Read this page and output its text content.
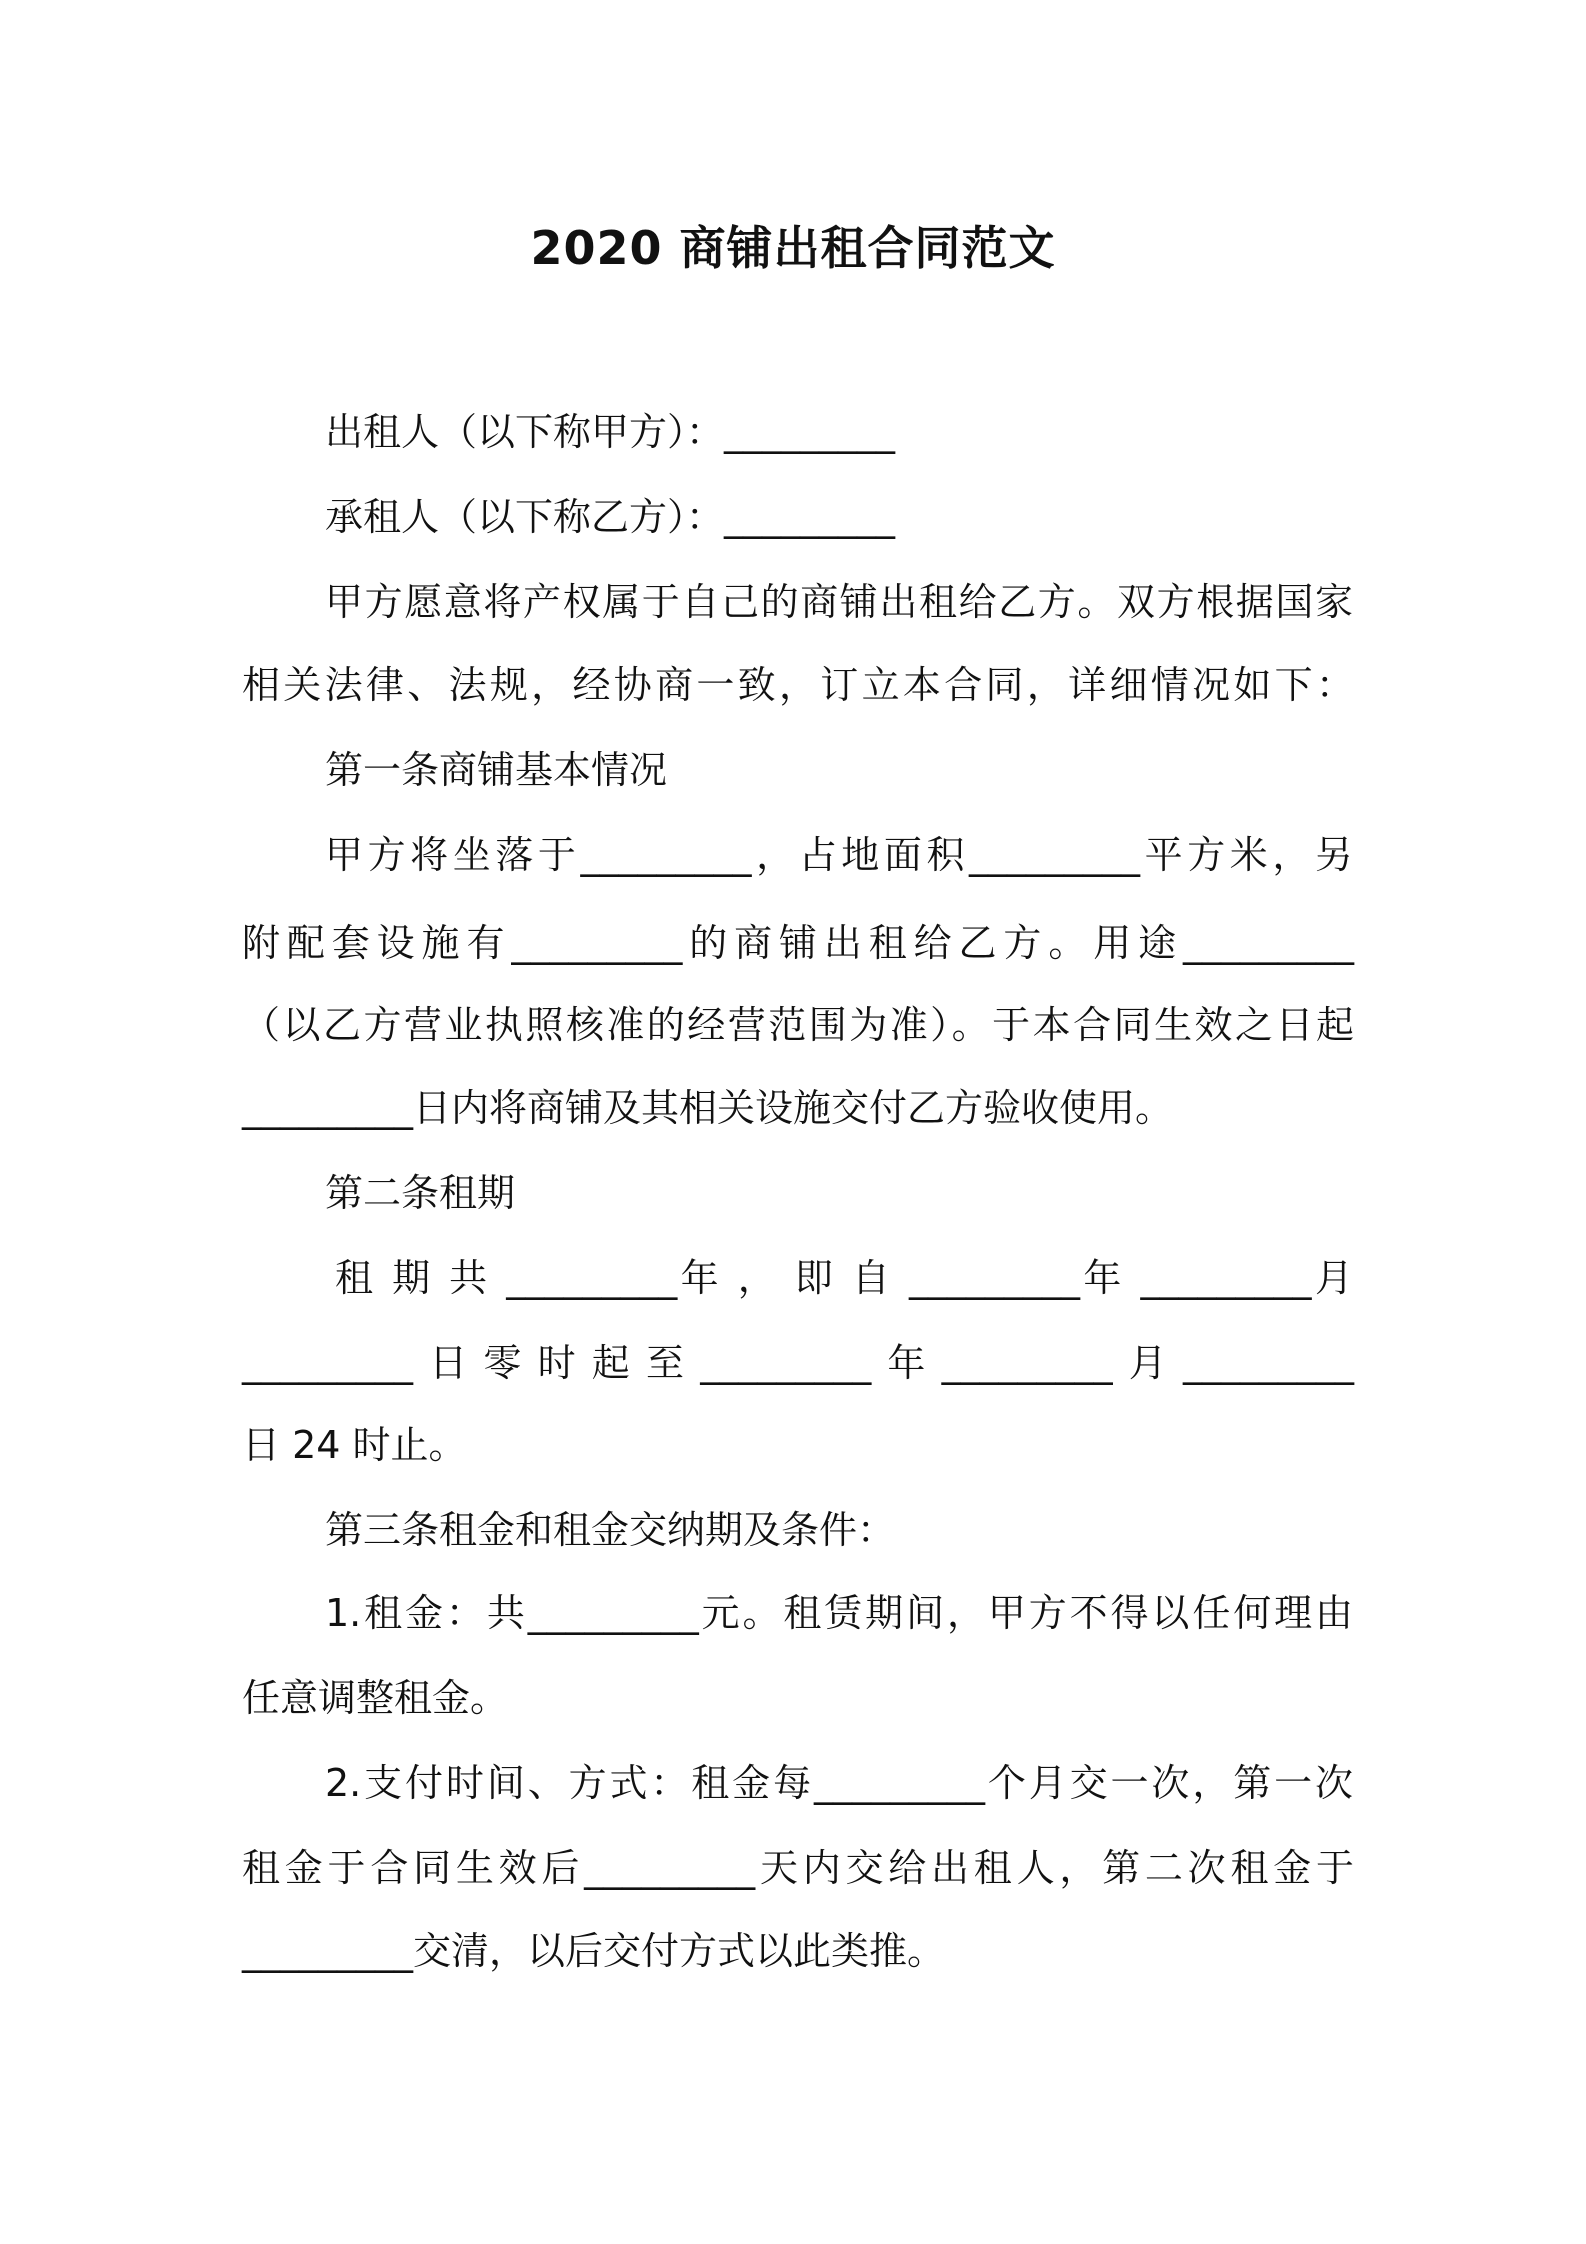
2020 商铺出租合同范文
出租人（以下称甲方）：_________
承租人（以下称乙方）：_________
甲方愿意将产权属于自己的商铺出租给乙方。双方根据国家
相关法律、法规，经协商一致，订立本合同，详细情况如下：
第一条商铺基本情况
甲方将坐落于_________，占地面积_________平方米，另
附配套设施有_________的商铺出租给乙方。用途_________
（以乙方营业执照核准的经营范围为准）。于本合同生效之日起
_________日内将商铺及其相关设施交付乙方验收使用。
第二条租期
租 期 共 _________年 ， 即 自 _________年 _________月
_________日零时起至_________年_________月_________
日 24 时止。
第三条租金和租金交纳期及条件：
1.租金：共_________元。租赁期间，甲方不得以任何理由
任意调整租金。
2.支付时间、方式：租金每_________个月交一次，第一次
租金于合同生效后_________天内交给出租人，第二次租金于
_________交清，以后交付方式以此类推。
